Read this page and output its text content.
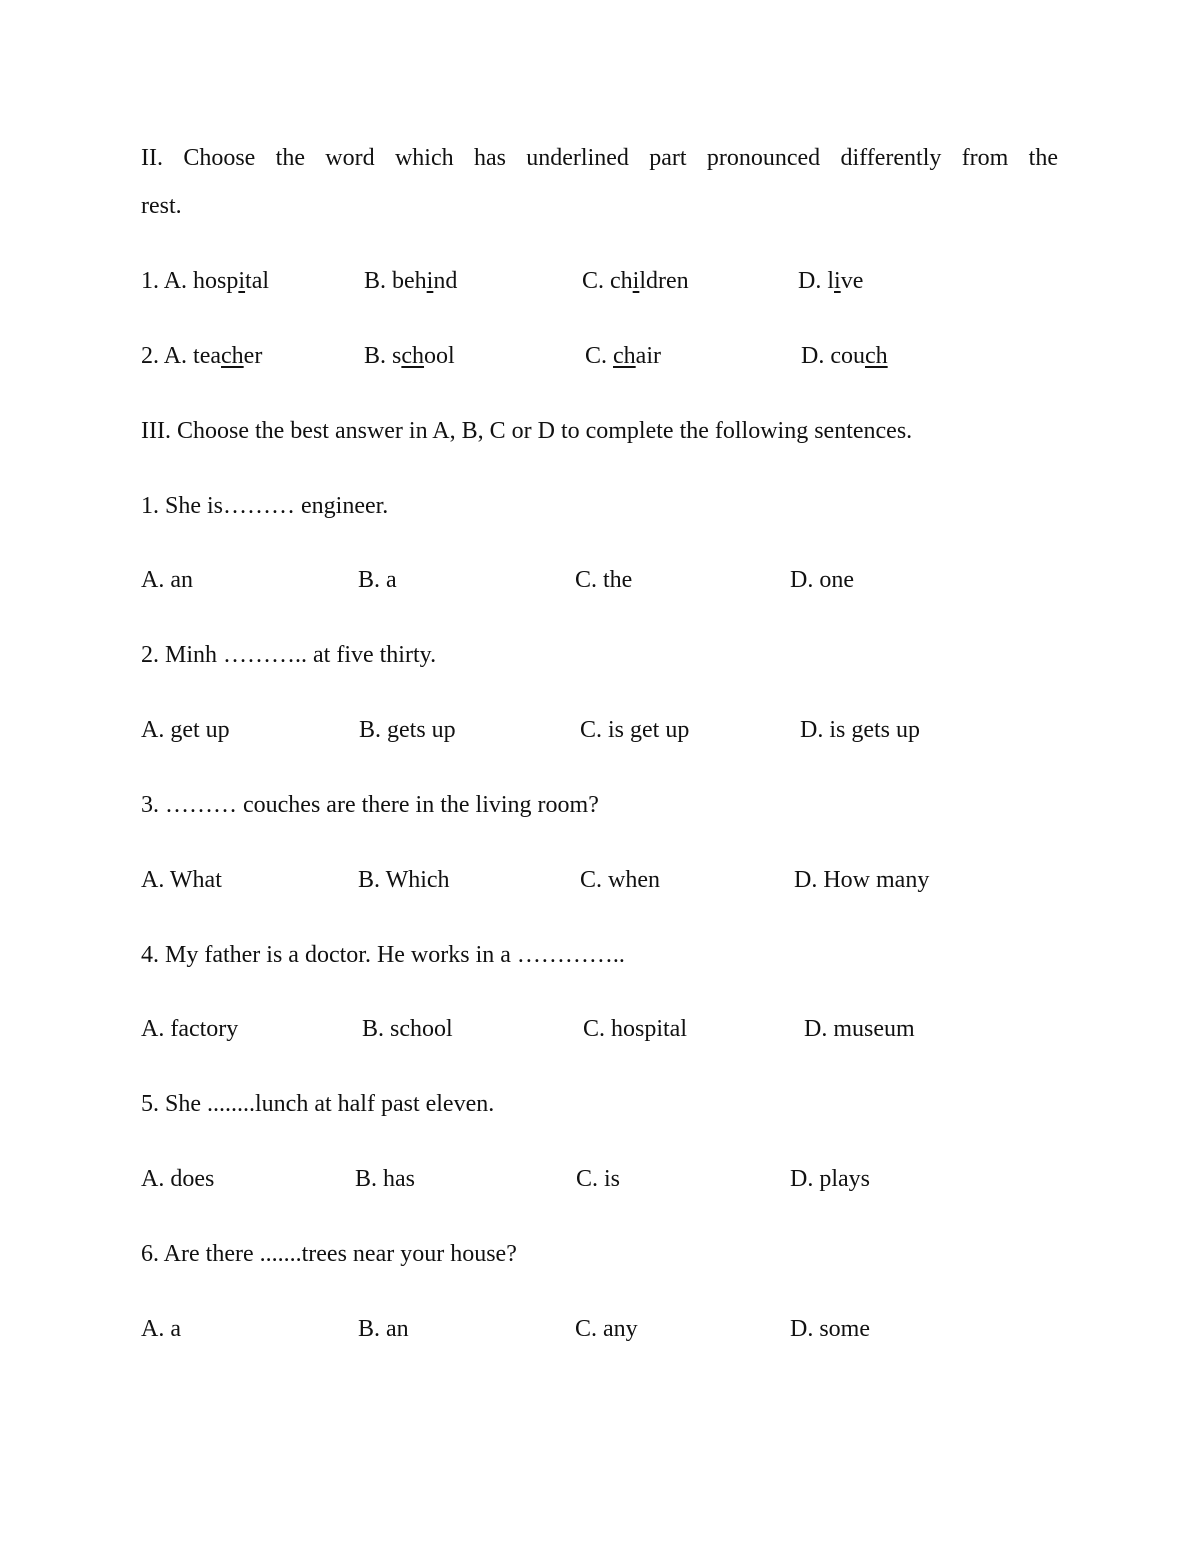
II. Choose the word which has underlined part pronounced differently from the
rest.
1. A. hospital	B. behind	C. children	D. live
2. A. teacher	B. school	C. chair	D. couch
III. Choose the best answer in A, B, C or D to complete the following sentences.
1. She is……… engineer.
A. an	B. a	C. the	D. one
2. Minh ……….. at five thirty.
A. get up	B. gets up	C. is get up	D. is gets up
3. ……… couches are there in the living room?
A. What	B. Which	C. when	D. How many
4. My father is a doctor. He works in a …………..
A. factory	B. school	C. hospital	D. museum
5. She ........lunch at half past eleven.
A. does	B. has	C. is	D. plays
6. Are there .......trees near your house?
A. a	B. an	C. any	D. some
